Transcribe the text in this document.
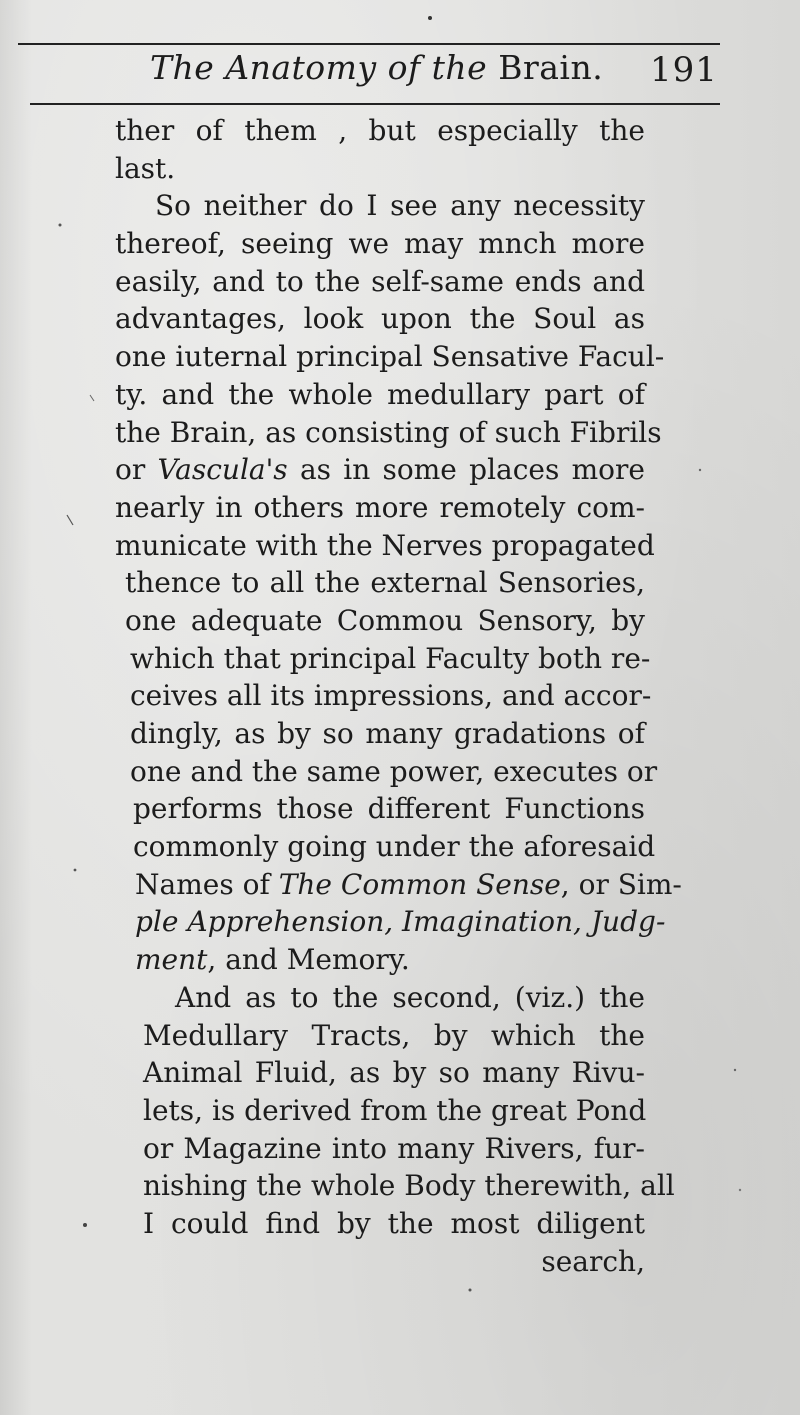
The Anatomy of the Brain. 191
ther of them , but especially the
last.
So neither do I see any necessity
thereof, seeing we may mnch more
easily, and to the self-same ends and
advantages, look upon the Soul as
one iuternal principal Sensative Facul-
ty. and the whole medullary part of
the Brain, as consisting of such Fibrils
or Vascula's as in some places more
nearly in others more remotely com-
municate with the Nerves propagated
thence to all the external Sensories,
one adequate Commou Sensory, by
which that principal Faculty both re-
ceives all its impressions, and accor-
dingly, as by so many gradations of
one and the same power, executes or
performs those different Functions
commonly going under the aforesaid
Names of The Common Sense, or Sim-
ple Apprehension, Imagination, Judg-
ment, and Memory.
And as to the second, (viz.) the
Medullary Tracts, by which the
Animal Fluid, as by so many Rivu-
lets, is derived from the great Pond
or Magazine into many Rivers, fur-
nishing the whole Body therewith, all
I could find by the most diligent
search,
